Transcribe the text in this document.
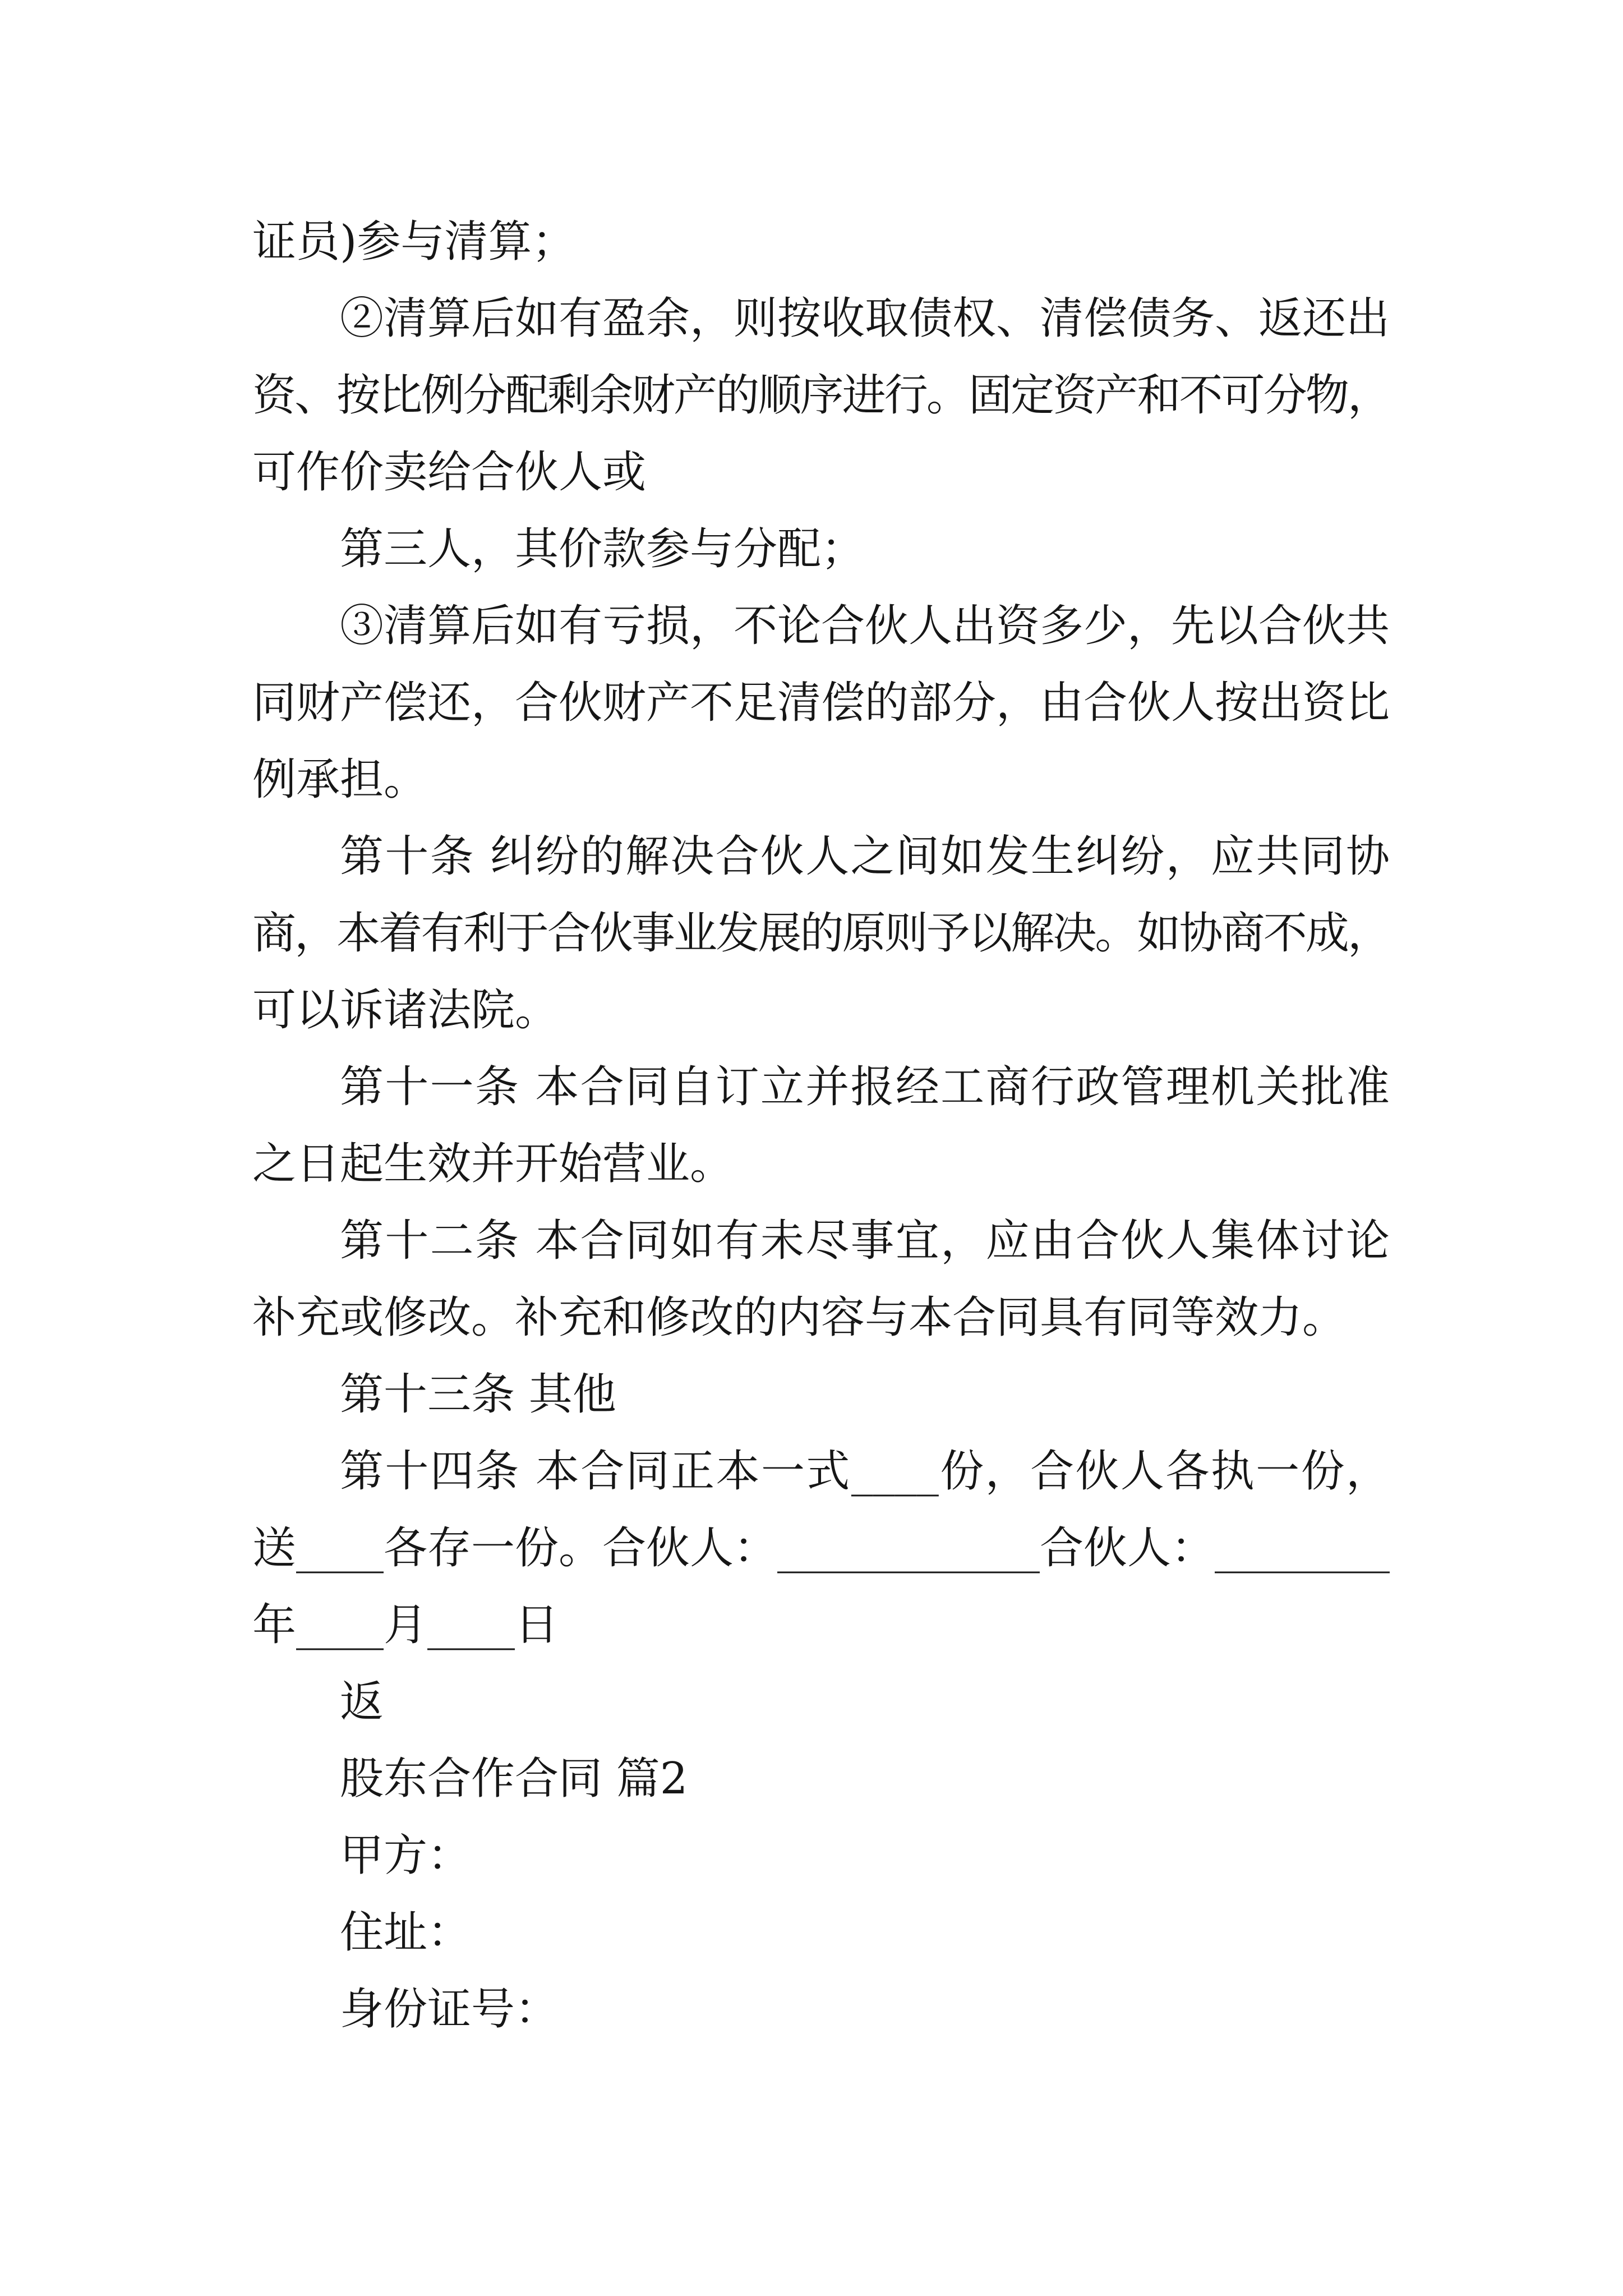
证员)参与清算；
②清算后如有盈余，则按收取债权、清偿债务、返还出
资、按比例分配剩余财产的顺序进行。固定资产和不可分物，
可作价卖给合伙人或
第三人，其价款参与分配；
③清算后如有亏损，不论合伙人出资多少，先以合伙共
同财产偿还，合伙财产不足清偿的部分，由合伙人按出资比
例承担。
第十条 纠纷的解决合伙人之间如发生纠纷，应共同协
商，本着有利于合伙事业发展的原则予以解决。如协商不成，
可以诉诸法院。
第十一条 本合同自订立并报经工商行政管理机关批准
之日起生效并开始营业。
第十二条 本合同如有未尽事宜，应由合伙人集体讨论
补充或修改。补充和修改的内容与本合同具有同等效力。
第十三条 其他
第十四条 本合同正本一式____份，合伙人各执一份，
送____各存一份。合伙人：____________合伙人：________
年____月____日
返
股东合作合同 篇2
甲方：
住址：
身份证号：
